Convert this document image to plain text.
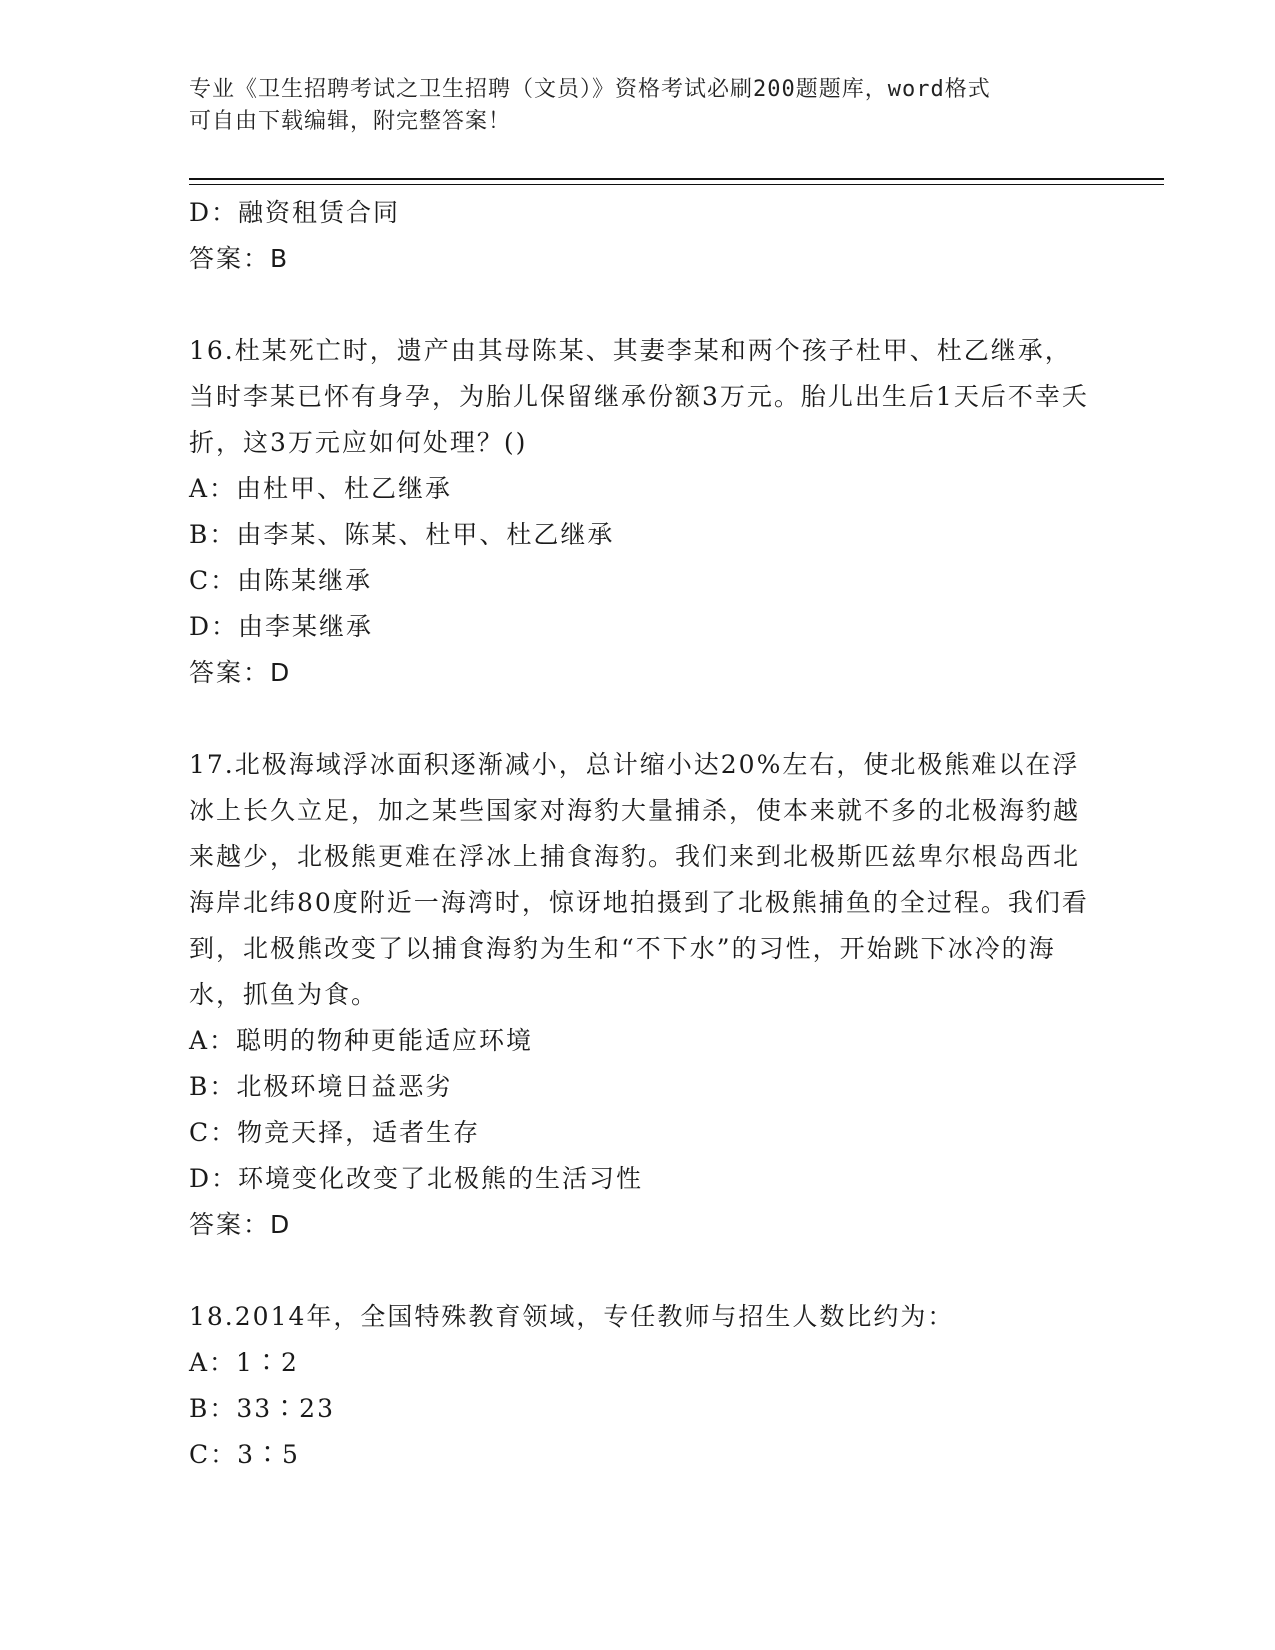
专业《卫生招聘考试之卫生招聘（文员）》资格考试必刷200题题库，word格式
可自由下载编辑，附完整答案！

D：融资租赁合同

答案：B

16.杜某死亡时，遗产由其母陈某、其妻李某和两个孩子杜甲、杜乙继承，当时李某已怀有身孕，为胎儿保留继承份额3万元。胎儿出生后1天后不幸夭折，这3万元应如何处理？()

A：由杜甲、杜乙继承

B：由李某、陈某、杜甲、杜乙继承

C：由陈某继承

D：由李某继承

答案：D

17.北极海域浮冰面积逐渐减小，总计缩小达20%左右，使北极熊难以在浮冰上长久立足，加之某些国家对海豹大量捕杀，使本来就不多的北极海豹越来越少，北极熊更难在浮冰上捕食海豹。我们来到北极斯匹兹卑尔根岛西北海岸北纬80度附近一海湾时，惊讶地拍摄到了北极熊捕鱼的全过程。我们看到，北极熊改变了以捕食海豹为生和“不下水”的习性，开始跳下冰冷的海水，抓鱼为食。

A：聪明的物种更能适应环境

B：北极环境日益恶劣

C：物竞天择，适者生存

D：环境变化改变了北极熊的生活习性

答案：D

18.2014年，全国特殊教育领域，专任教师与招生人数比约为：

A：1∶2

B：33∶23

C：3∶5
